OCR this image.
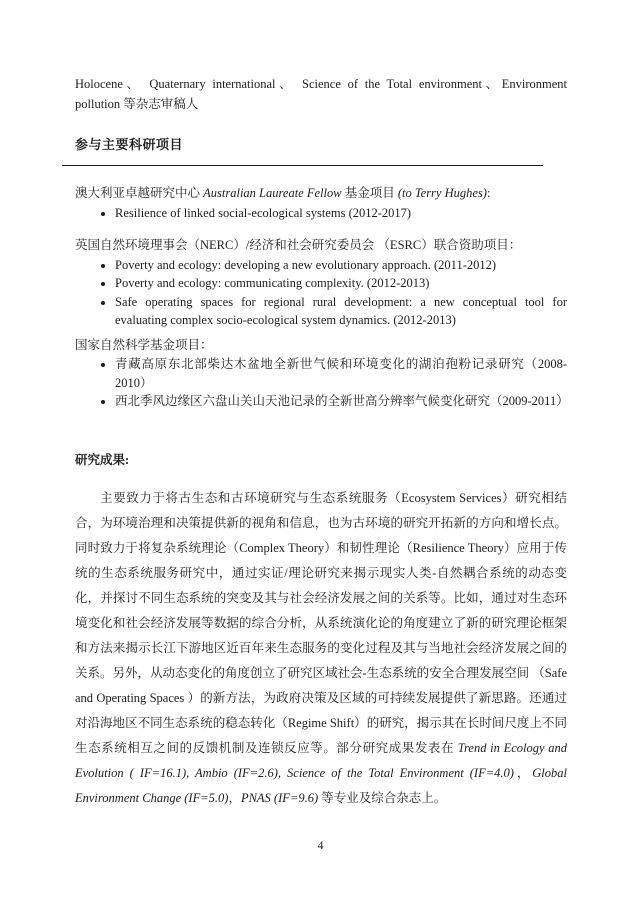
Holocene、 Quaternary international、 Science of the Total environment、Environment pollution 等杂志审稿人

参与主要科研项目

澳大利亚卓越研究中心 Australian Laureate Fellow 基金项目 (to Terry Hughes):

• Resilience of linked social-ecological systems (2012-2017)

英国自然环境理事会（NERC）/经济和社会研究委员会 （ESRC）联合资助项目：

• Poverty and ecology: developing a new evolutionary approach. (2011-2012)
• Poverty and ecology: communicating complexity. (2012-2013)
• Safe operating spaces for regional rural development: a new conceptual tool for evaluating complex socio-ecological system dynamics. (2012-2013)

国家自然科学基金项目：

• 青藏高原东北部柴达木盆地全新世气候和环境变化的湖泊孢粉记录研究（2008-2010）
• 西北季风边缘区六盘山关山天池记录的全新世高分辨率气候变化研究（2009-2011）
研究成果:

主要致力于将古生态和古环境研究与生态系统服务（Ecosystem Services）研究相结合，为环境治理和决策提供新的视角和信息，也为古环境的研究开拓新的方向和增长点。同时致力于将复杂系统理论（Complex Theory）和韧性理论（Resilience Theory）应用于传统的生态系统服务研究中，通过实证/理论研究来揭示现实人类-自然耦合系统的动态变化，并探讨不同生态系统的突变及其与社会经济发展之间的关系等。比如，通过对生态环境变化和社会经济发展等数据的综合分析，从系统演化论的角度建立了新的研究理论框架和方法来揭示长江下游地区近百年来生态服务的变化过程及其与当地社会经济发展之间的关系。另外，从动态变化的角度创立了研究区域社会-生态系统的安全合理发展空间 （Safe and Operating Spaces ）的新方法，为政府决策及区域的可持续发展提供了新思路。还通过对沿海地区不同生态系统的稳态转化（Regime Shift）的研究，揭示其在长时间尺度上不同生态系统相互之间的反馈机制及连锁反应等。部分研究成果发表在 Trend in Ecology and Evolution ( IF=16.1), Ambio (IF=2.6), Science of the Total Environment (IF=4.0)，Global Environment Change (IF=5.0)，PNAS (IF=9.6) 等专业及综合杂志上。

4
